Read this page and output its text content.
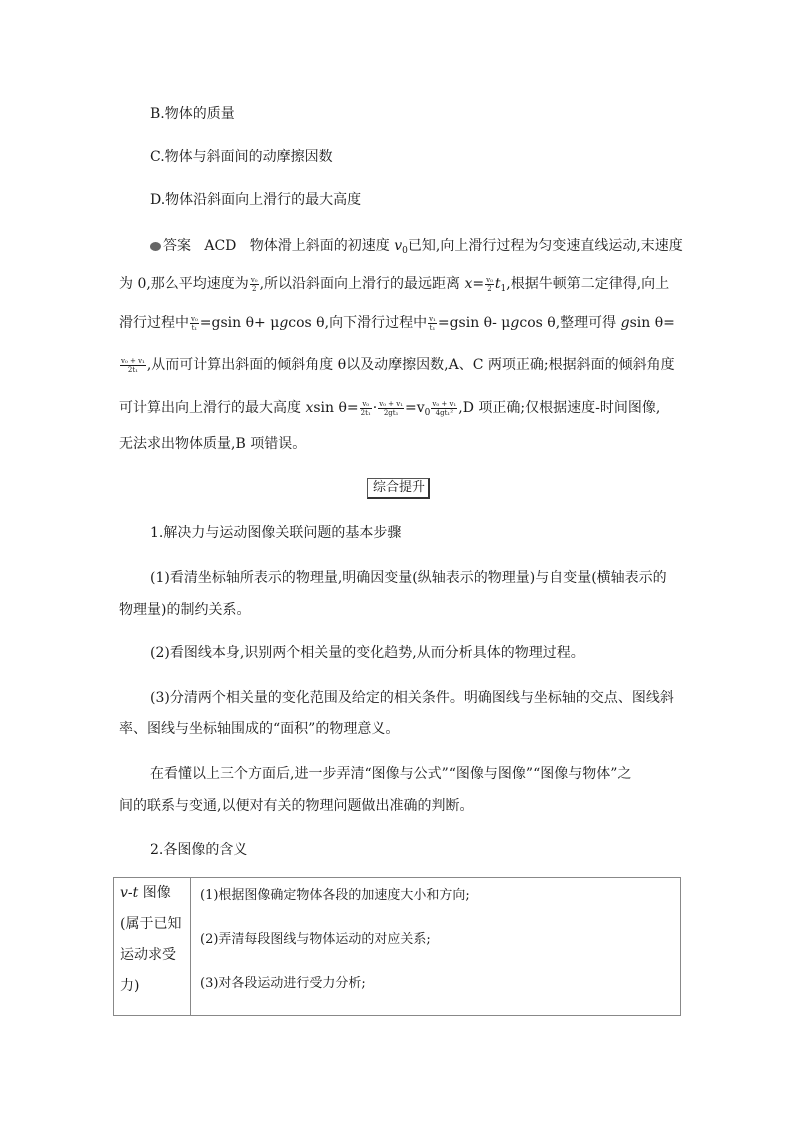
B.物体的质量
C.物体与斜面间的动摩擦因数
D.物体沿斜面向上滑行的最大高度
答案 ACD 物体滑上斜面的初速度 $v_0$已知,向上滑行过程为匀变速直线运动,末速度
为 0,那么平均速度为 $\frac{\text{v₀}}{2}$ ,所以沿斜面向上滑行的最远距离 $x= \frac{\text{v₀}}{2} t_1$,根据牛顿第二定律得,向上
滑行过程中 $\frac{\text{v₀}}{\text{t₁}} =gsin$ θ+ μgcos θ,向下滑行过程中 $\frac{\text{v₁}}{\text{t₁}} =gsin$ θ- μgcos θ,整理可得 gsin θ=
$\frac{\text{v₀ + v₁}}{\text{2t₁}}$ ,从而可计算出斜面的倾斜角度 θ以及动摩擦因数,A、C 两项正确;根据斜面的倾斜角度
可计算出向上滑行的最大高度 xsin $\theta= \frac{\text{v₀}}{\text{2t₁}} \cdot \frac{\text{v₀ + v₁}}{\text{2gt₁}} =v_0 \frac{\text{v₀ + v₁}}{\text{4gt₁²}} ,D$ 项正确;仅根据速度-时间图像,
无法求出物体质量,B 项错误。
综合提升
1.解决力与运动图像关联问题的基本步骤
(1)看清坐标轴所表示的物理量,明确因变量(纵轴表示的物理量)与自变量(横轴表示的
物理量)的制约关系。
(2)看图线本身,识别两个相关量的变化趋势,从而分析具体的物理过程。
(3)分清两个相关量的变化范围及给定的相关条件。明确图线与坐标轴的交点、图线斜
率、图线与坐标轴围成的“面积”的物理意义。
在看懂以上三个方面后,进一步弄清“图像与公式”“图像与图像”“图像与物体”之
间的联系与变通,以便对有关的物理问题做出准确的判断。
2.各图像的含义
v-t 图像
(属于已知
运动求受
力)
(1)根据图像确定物体各段的加速度大小和方向;
(2)弄清每段图线与物体运动的对应关系;
(3)对各段运动进行受力分析;
